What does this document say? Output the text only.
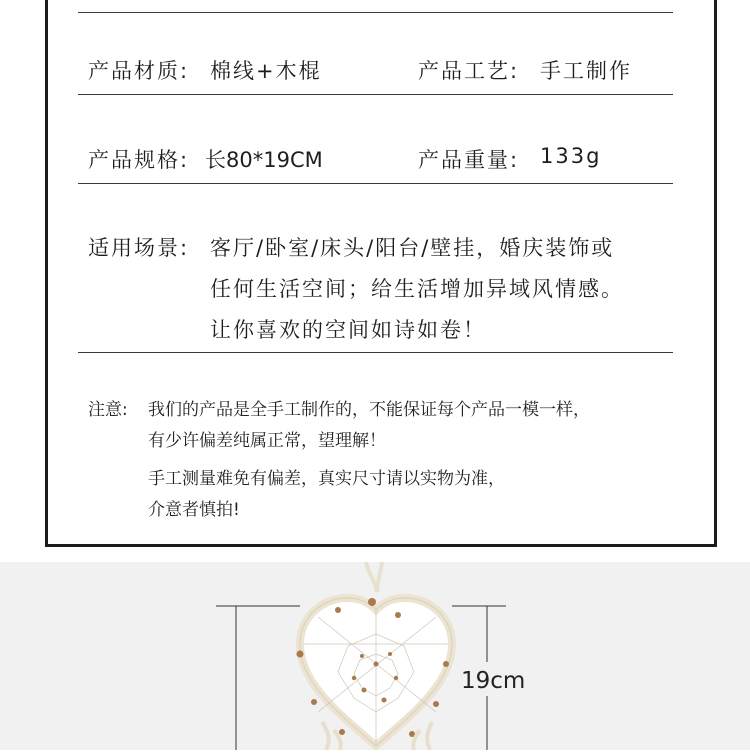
产品材质: 棉线+木棍	产品工艺: 手工制作
产品规格: 长80*19CM	产品重量: 133g
适用场景: 客厅/卧室/床头/阳台/壁挂，婚庆装饰或
任何生活空间；给生活增加异域风情感。
让你喜欢的空间如诗如卷！
注意: 我们的产品是全手工制作的，不能保证每个产品一模一样，
有少许偏差纯属正常，望理解！
手工测量难免有偏差，真实尺寸请以实物为准，
介意者慎拍!
19cm
